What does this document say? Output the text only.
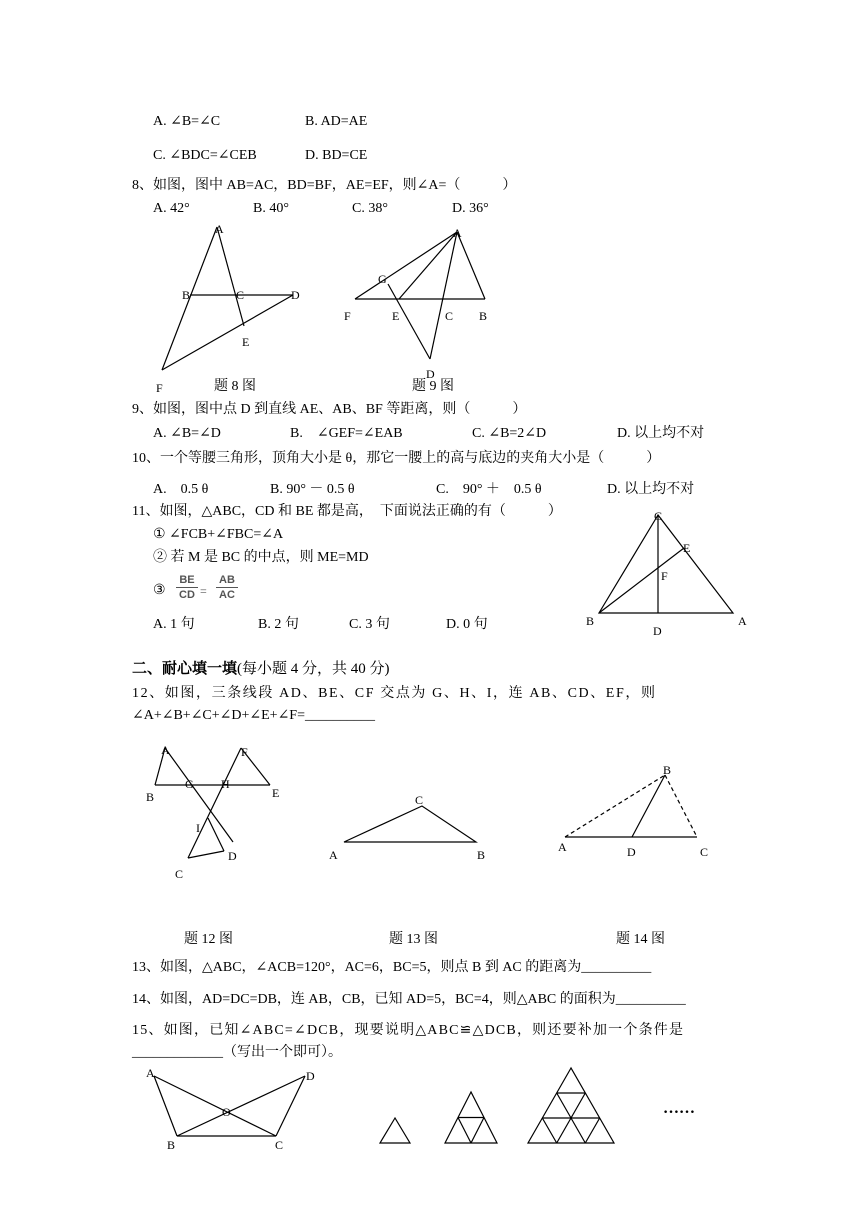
A. ∠B=∠C	B. AD=AE
C. ∠BDC=∠CEB	D. BD=CE
8、如图，图中 AB=AC，BD=BF，AE=EF，则∠A=（　　　）
A. 42°	B. 40°	C. 38°	D. 36°
A
B	C	D
E
F	题 8 图
A
G
F	E	C B
D
题 9 图
9、如图，图中点 D 到直线 AE、AB、BF 等距离，则（　　　）
A. ∠B=∠D	B.　∠GEF=∠EAB	C. ∠B=2∠D	D. 以上均不对
10、一个等腰三角形，顶角大小是 θ，那它一腰上的高与底边的夹角大小是（　　　）
A.　0.5 θ	B. 90° － 0.5 θ	C.　90° ＋　0.5 θ	D. 以上均不对
11、如图，△ABC，CD 和 BE 都是高，　下面说法正确的有（　　　）
① ∠FCB+∠FBC=∠A
② 若 M 是 BC 的中点，则 ME=MD
③
BE
CD =
AB
AC
A. 1 句	B. 2 句	C. 3 句	D. 0 句
C
E
F
B
D
A
二、耐心填一填(每小题 4 分，共 40 分)
12、如图，三条线段 AD、BE、CF 交点为 G、H、I，连 AB、CD、EF，则
∠A+∠B+∠C+∠D+∠E+∠F=__________
A	F
B
G H
E
I
C
D
C
A	B
B
A	D	C
题 12 图	题 13 图	题 14 图
13、如图，△ABC，∠ACB=120°，AC=6，BC=5，则点 B 到 AC 的距离为__________
14、如图，AD=DC=DB，连 AB，CB，已知 AD=5，BC=4，则△ABC 的面积为__________
15、如图，已知∠ABC=∠DCB，现要说明△ABC≌△DCB，则还要补加一个条件是
_____________（写出一个即可）。
A	D
O
B	C
……
